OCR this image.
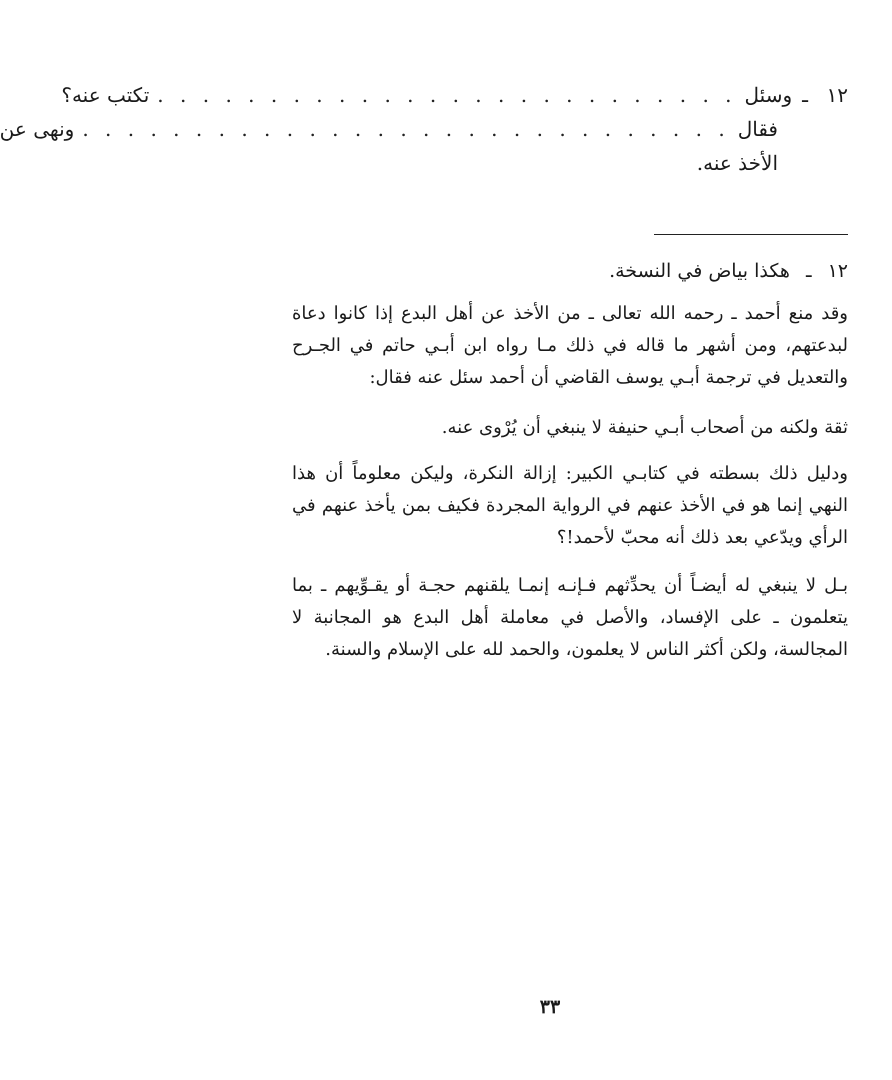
١٢
ـ
وسئل
. . . . . . . . . . . . . . . . . . . . . . . . . .
تكتب عنه؟
فقال
. . . . . . . . . . . . . . . . . . . . . . . . . . . . .
ونهى عن
الأخذ عنه.
١٢ ـ هكذا بياض في النسخة.

وقد منع أحمد ـ رحمه الله تعالى ـ من الأخذ عن أهل البدع إذا كانوا دعاة لبدعتهم، ومن أشهر ما قاله في ذلك مـا رواه ابن أبـي حاتم في الجـرح والتعديل في ترجمة أبـي يوسف القاضي أن أحمد سئل عنه فقال:

ثقة ولكنه من أصحاب أبـي حنيفة لا ينبغي أن يُرْوى عنه.

ودليل ذلك بسطته في كتابـي الكبير: إزالة النكرة، وليكن معلوماً أن هذا النهي إنما هو في الأخذ عنهم في الرواية المجردة فكيف بمن يأخذ عنهم في الرأي ويدّعي بعد ذلك أنه محبّ لأحمد!؟

بـل لا ينبغي له أيضـاً أن يحدِّثهم فـإنـه إنمـا يلقنهم حجـة أو يقـوِّيهم ـ بما يتعلمون ـ على الإفساد، والأصل في معاملة أهل البدع هو المجانبة لا المجالسة، ولكن أكثر الناس لا يعلمون، والحمد لله على الإسلام والسنة.

٣٣
